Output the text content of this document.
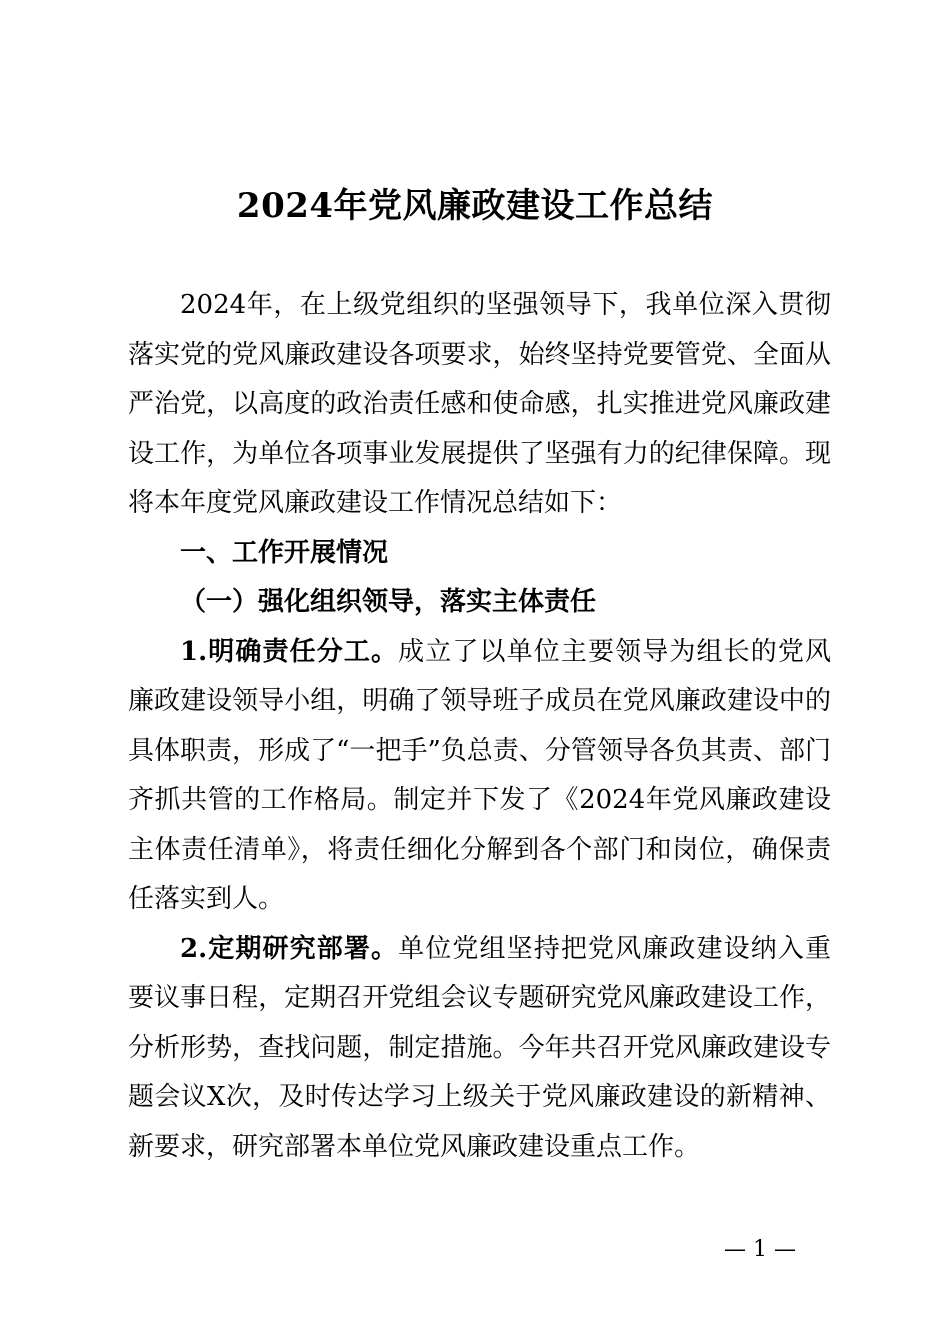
2024年党风廉政建设工作总结

2024年，在上级党组织的坚强领导下，我单位深入贯彻落实党的党风廉政建设各项要求，始终坚持党要管党、全面从严治党，以高度的政治责任感和使命感，扎实推进党风廉政建设工作，为单位各项事业发展提供了坚强有力的纪律保障。现将本年度党风廉政建设工作情况总结如下：

一、工作开展情况

（一）强化组织领导，落实主体责任

1.明确责任分工。成立了以单位主要领导为组长的党风廉政建设领导小组，明确了领导班子成员在党风廉政建设中的具体职责，形成了“一把手”负总责、分管领导各负其责、部门齐抓共管的工作格局。制定并下发了《2024年党风廉政建设主体责任清单》，将责任细化分解到各个部门和岗位，确保责任落实到人。

2.定期研究部署。单位党组坚持把党风廉政建设纳入重要议事日程，定期召开党组会议专题研究党风廉政建设工作，分析形势，查找问题，制定措施。今年共召开党风廉政建设专题会议X次，及时传达学习上级关于党风廉政建设的新精神、新要求，研究部署本单位党风廉政建设重点工作。

— 1 —
